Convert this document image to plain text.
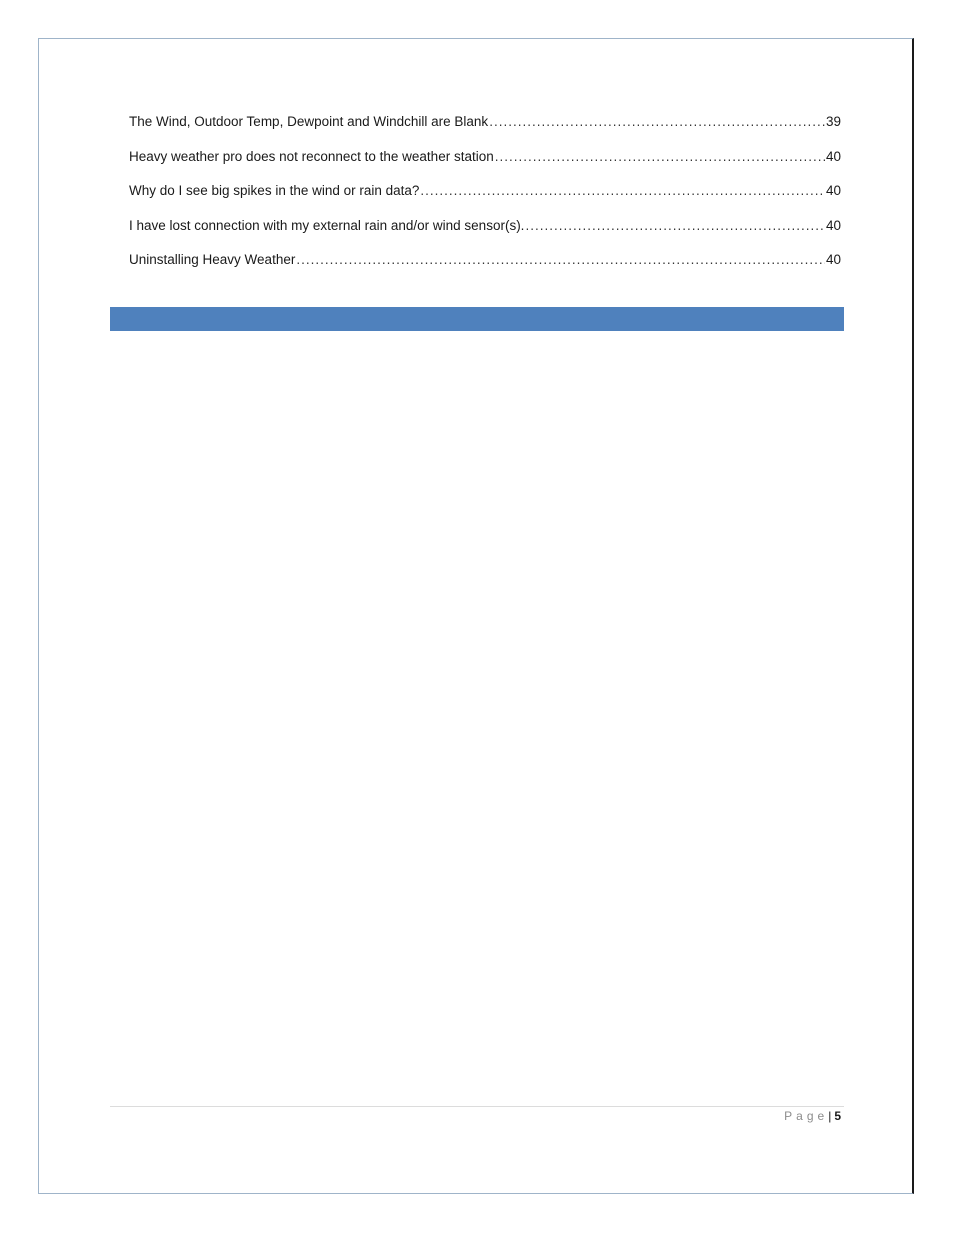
The Wind, Outdoor Temp, Dewpoint and Windchill are Blank .....	39
Heavy weather pro does not reconnect to the weather station .....	40
Why do I see big spikes in the wind or rain data? .....	40
I have lost connection with my external rain and/or wind sensor(s). .....	40
Uninstalling Heavy Weather .....	40
Page | 5
